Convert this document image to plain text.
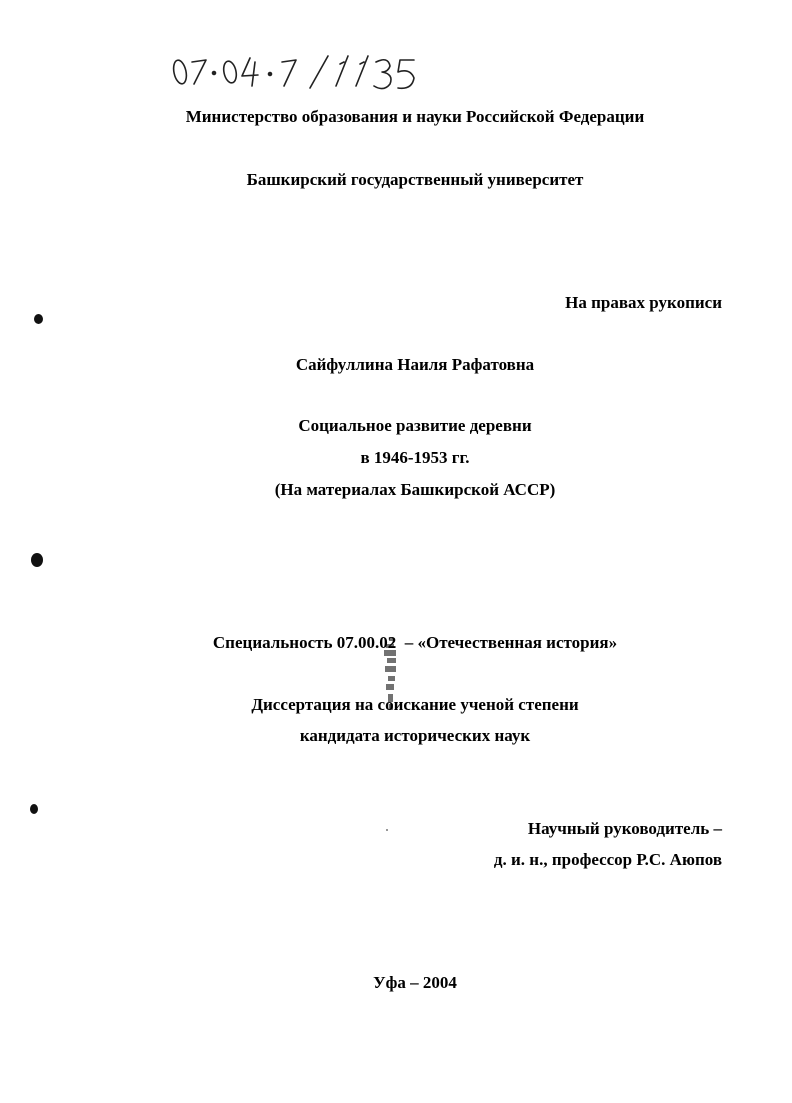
Министерство образования и науки Российской Федерации
Башкирский государственный университет
На правах рукописи
Сайфуллина Наиля Рафатовна
Социальное развитие деревни
в 1946-1953 гг.
(На материалах Башкирской АССР)
Специальность 07.00.02  – «Отечественная история»
Диссертация на соискание ученой степени
кандидата исторических наук
Научный руководитель –
д. и. н., профессор Р.С. Аюпов
Уфа – 2004
